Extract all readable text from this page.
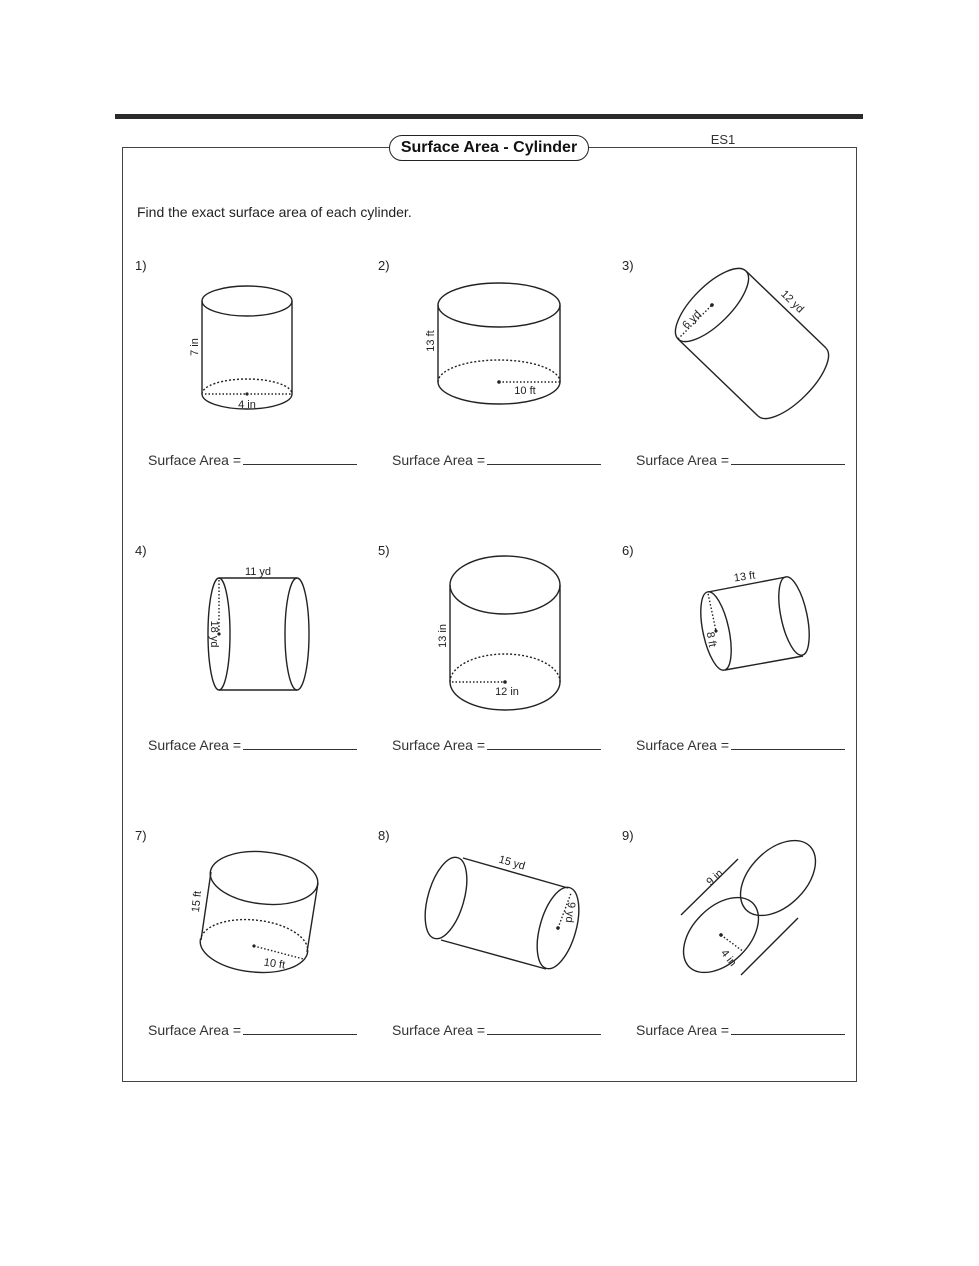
Surface Area - Cylinder	ES1
Find the exact surface area of each cylinder.
1)	2)	3)
4)	5)	6)
7)	8)	9)
Surface Area =	Surface Area =	Surface Area =
Surface Area =	Surface Area =	Surface Area =
Surface Area =	Surface Area =	Surface Area =
7 in
4 in
13 ft
10 ft
12 yd
6 yd
11 yd
18 yd	13 in
12 in
13 ft
8 ft
15 ft
10 ft
15 yd
9 yd
9 in
4 in
